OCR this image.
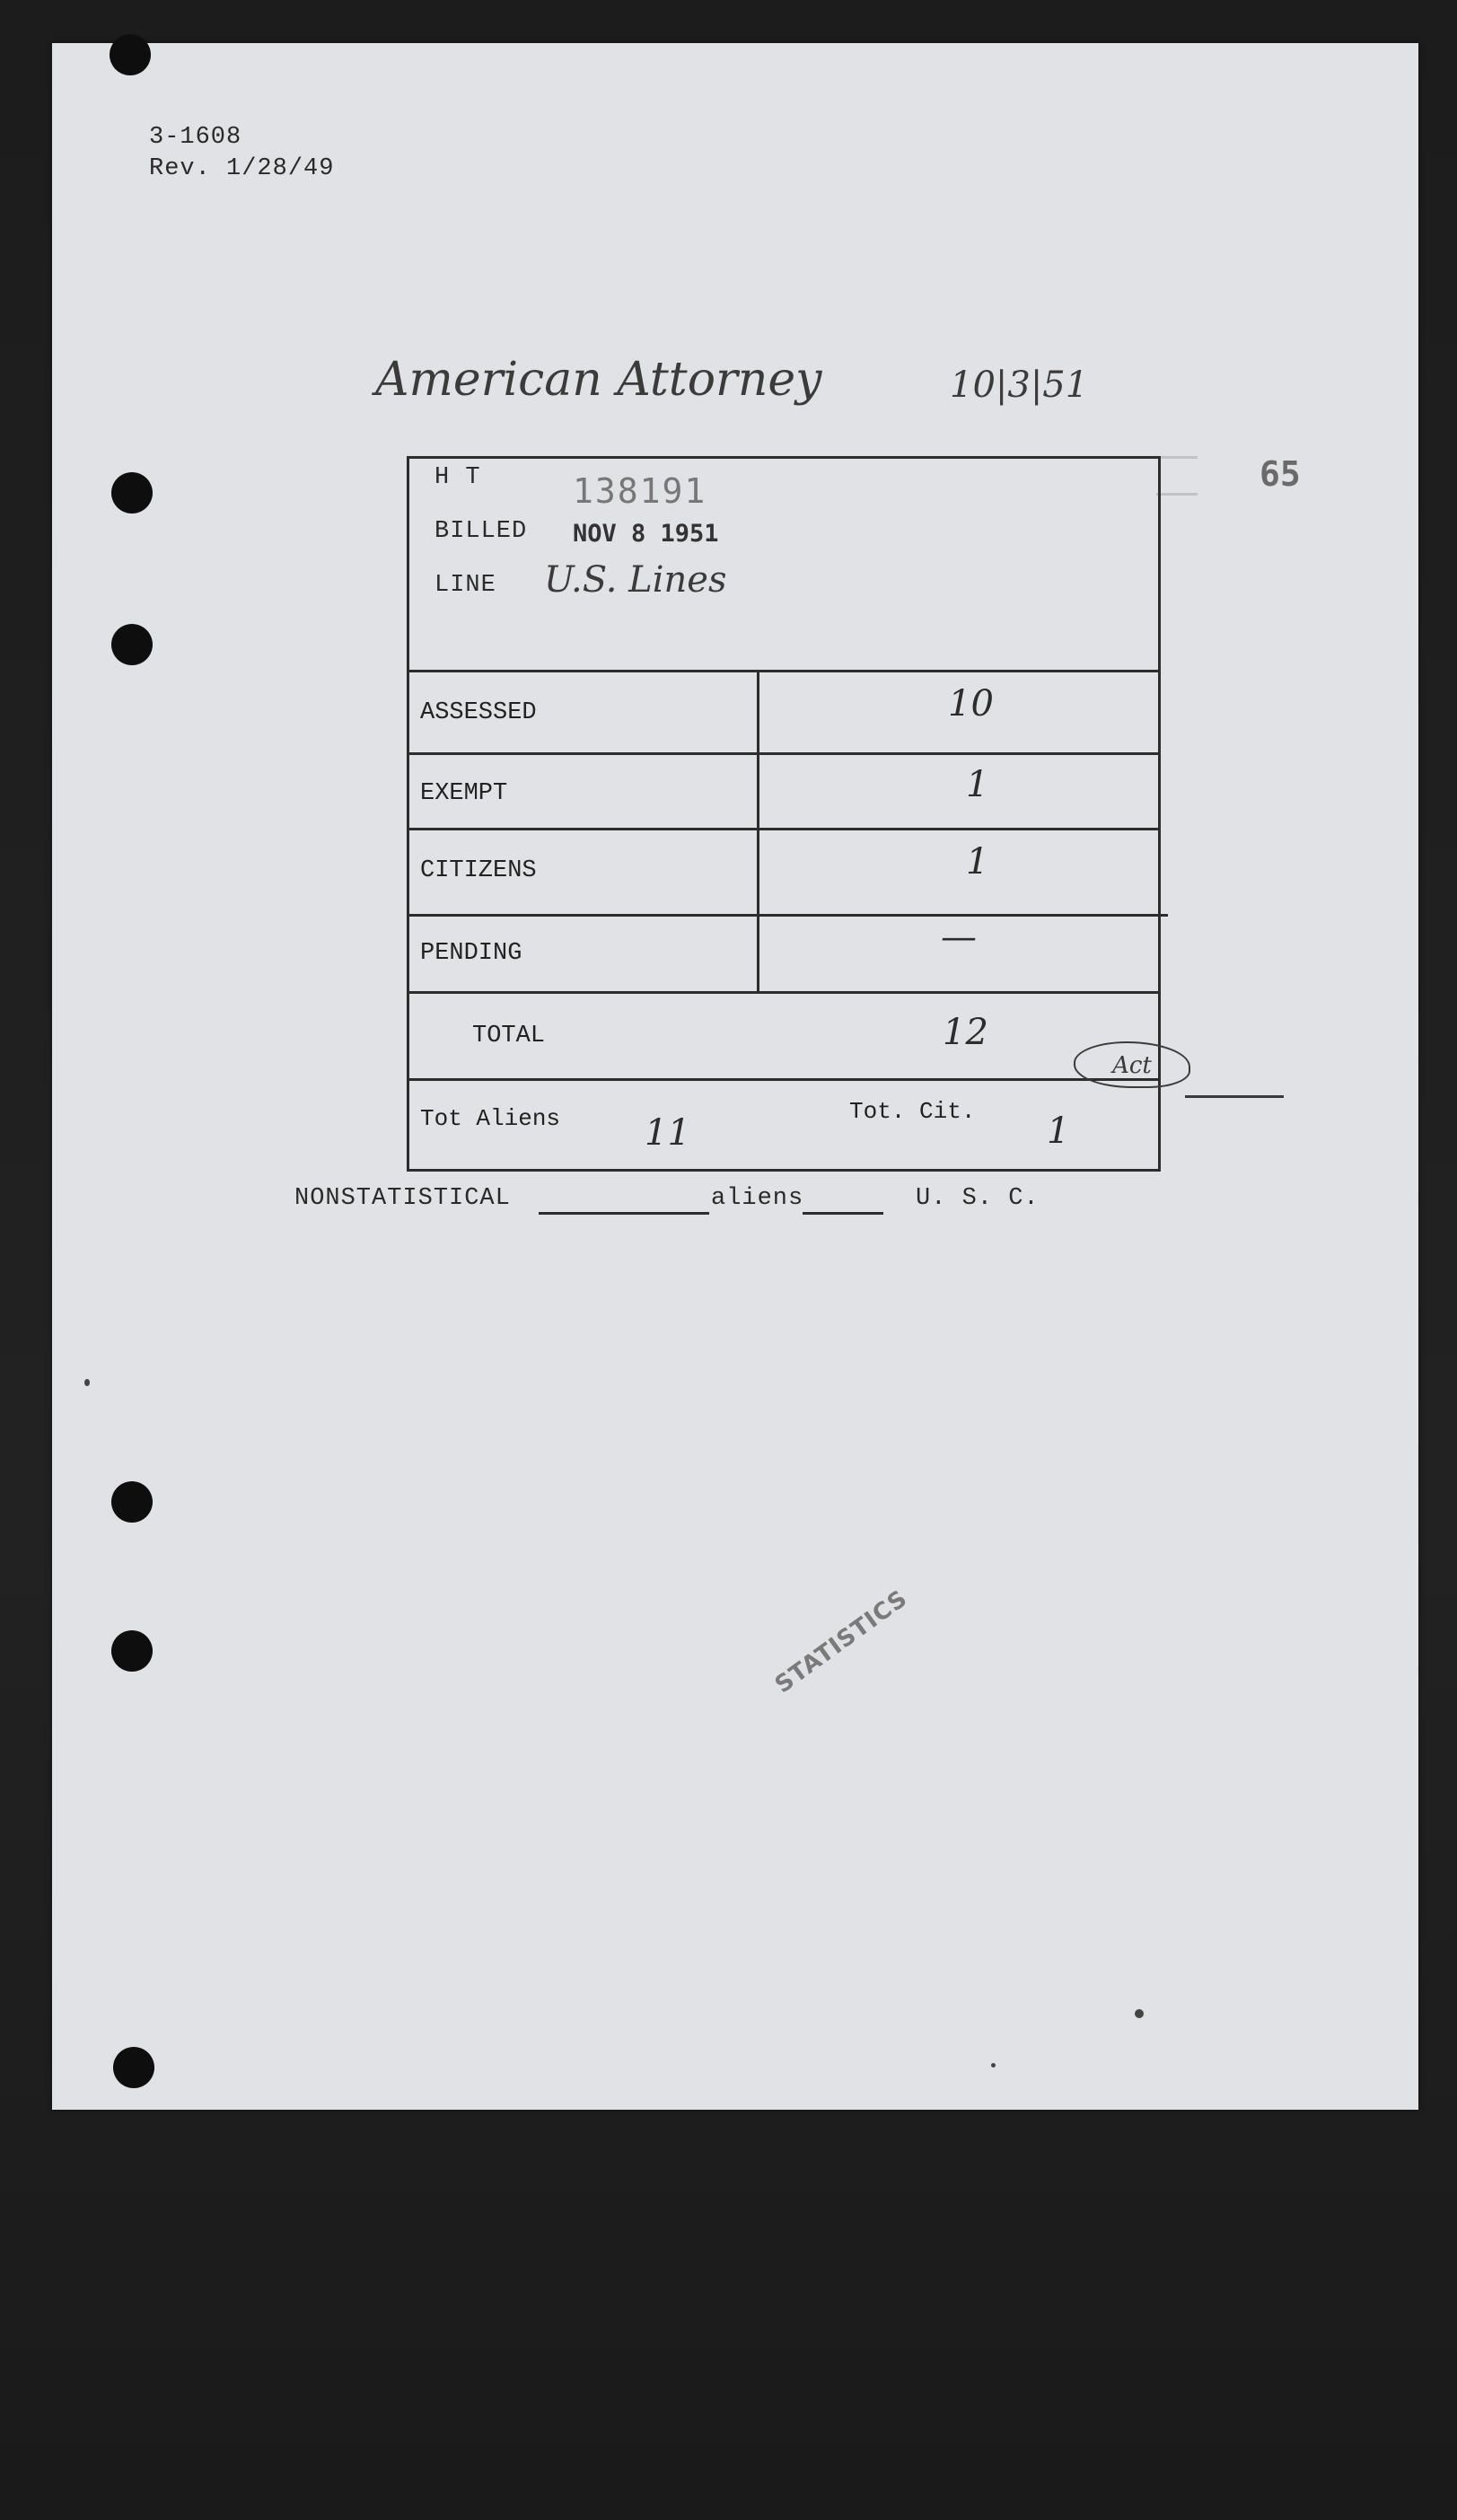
3-1608
Rev. 1/28/49
American Attorney	10|3|51
65
H T	138191
BILLED NOV 8 1951
LINE U.S. Lines
ASSESSED	10
EXEMPT	1
CITIZENS	1
PENDING	—
TOTAL	12
Tot Aliens 11
Tot. Cit. 1
Act
NONSTATISTICAL	aliens	U. S. C.
STATISTICS
